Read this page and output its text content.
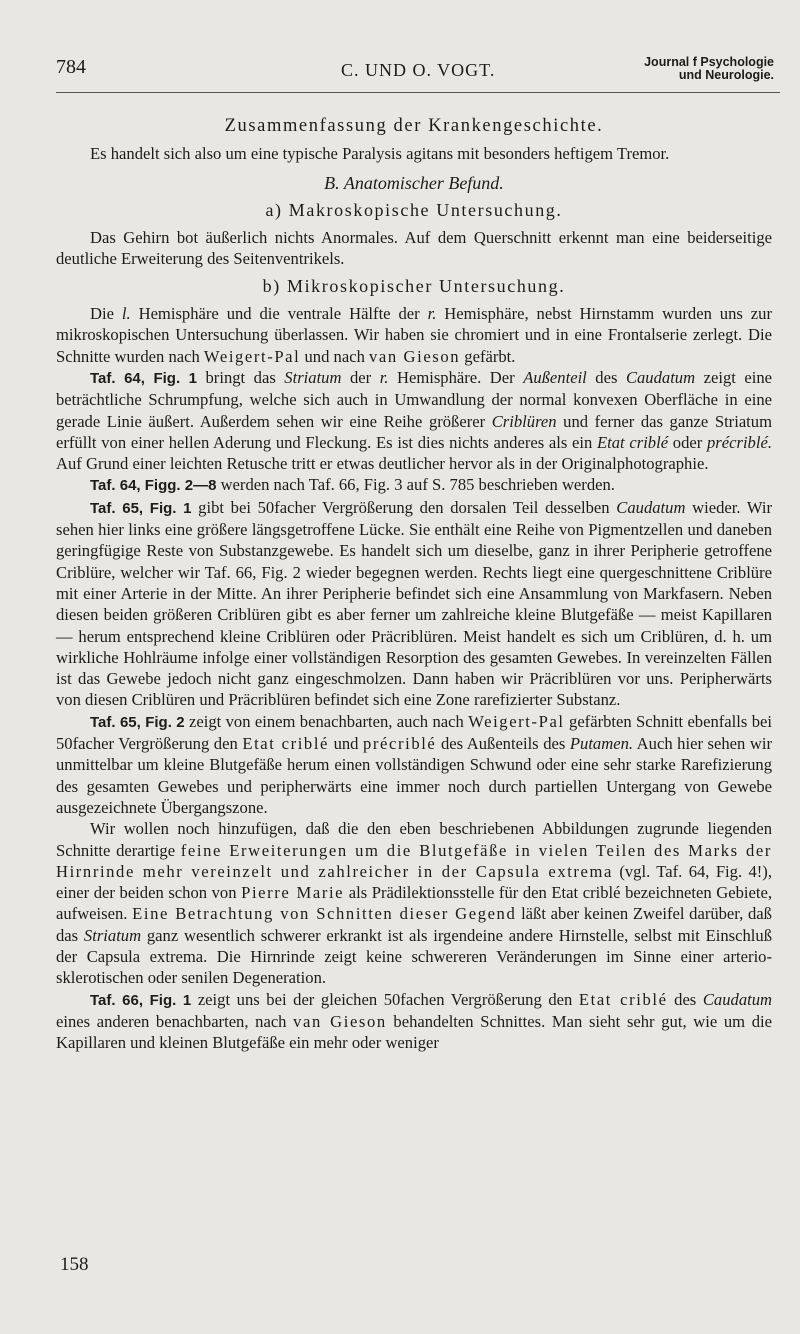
784	C. UND O. VOGT.	Journal f Psychologie
und Neurologie.

Zusammenfassung der Krankengeschichte.

Es handelt sich also um eine typische Paralysis agitans mit besonders heftigem Tremor.

B. Anatomischer Befund.

a) Makroskopische Untersuchung.

Das Gehirn bot äußerlich nichts Anormales. Auf dem Querschnitt erkennt man eine beiderseitige deutliche Erweiterung des Seitenventrikels.

b) Mikroskopischer Untersuchung.

Die l. Hemisphäre und die ventrale Hälfte der r. Hemisphäre, nebst Hirnstamm wurden uns zur mikroskopischen Untersuchung überlassen. Wir haben sie chromiert und in eine Frontalserie zerlegt. Die Schnitte wurden nach Weigert-Pal und nach van Gieson gefärbt.

Taf. 64, Fig. 1 bringt das Striatum der r. Hemisphäre. Der Außenteil des Caudatum zeigt eine beträchtliche Schrumpfung, welche sich auch in Umwandlung der normal konvexen Oberfläche in eine gerade Linie äußert. Außerdem sehen wir eine Reihe größerer Criblüren und ferner das ganze Striatum erfüllt von einer hellen Aderung und Fleckung. Es ist dies nichts anderes als ein Etat criblé oder précriblé. Auf Grund einer leichten Retusche tritt er etwas deutlicher hervor als in der Originalphotographie.

Taf. 64, Figg. 2—8 werden nach Taf. 66, Fig. 3 auf S. 785 beschrieben werden.

Taf. 65, Fig. 1 gibt bei 50facher Vergrößerung den dorsalen Teil desselben Caudatum wieder. Wir sehen hier links eine größere längsgetroffene Lücke. Sie enthält eine Reihe von Pigmentzellen und daneben geringfügige Reste von Substanzgewebe. Es handelt sich um dieselbe, ganz in ihrer Peripherie getroffene Criblüre, welcher wir Taf. 66, Fig. 2 wieder begegnen werden. Rechts liegt eine quergeschnittene Criblüre mit einer Arterie in der Mitte. An ihrer Peripherie befindet sich eine Ansammlung von Markfasern. Neben diesen beiden größeren Criblüren gibt es aber ferner um zahlreiche kleine Blutgefäße — meist Kapillaren — herum entsprechend kleine Criblüren oder Präcriblüren. Meist handelt es sich um Criblüren, d. h. um wirkliche Hohlräume infolge einer vollständigen Resorption des gesamten Gewebes. In vereinzelten Fällen ist das Gewebe jedoch nicht ganz eingeschmolzen. Dann haben wir Präcriblüren vor uns. Peripherwärts von diesen Criblüren und Präcriblüren befindet sich eine Zone rarefizierter Substanz.

Taf. 65, Fig. 2 zeigt von einem benachbarten, auch nach Weigert-Pal gefärbten Schnitt ebenfalls bei 50facher Vergrößerung den Etat criblé und précriblé des Außenteils des Putamen. Auch hier sehen wir unmittelbar um kleine Blutgefäße herum einen vollständigen Schwund oder eine sehr starke Rarefizierung des gesamten Gewebes und peripherwärts eine immer noch durch partiellen Untergang von Gewebe ausgezeichnete Übergangszone.

Wir wollen noch hinzufügen, daß die den eben beschriebenen Abbildungen zugrunde liegenden Schnitte derartige feine Erweiterungen um die Blutgefäße in vielen Teilen des Marks der Hirnrinde mehr vereinzelt und zahlreicher in der Capsula extrema (vgl. Taf. 64, Fig. 4!), einer der beiden schon von Pierre Marie als Prädilektionsstelle für den Etat criblé bezeichneten Gebiete, aufweisen. Eine Betrachtung von Schnitten dieser Gegend läßt aber keinen Zweifel darüber, daß das Striatum ganz wesentlich schwerer erkrankt ist als irgendeine andere Hirnstelle, selbst mit Einschluß der Capsula extrema. Die Hirnrinde zeigt keine schwereren Veränderungen im Sinne einer arterio-sklerotischen oder senilen Degeneration.

Taf. 66, Fig. 1 zeigt uns bei der gleichen 50fachen Vergrößerung den Etat criblé des Caudatum eines anderen benachbarten, nach van Gieson behandelten Schnittes. Man sieht sehr gut, wie um die Kapillaren und kleinen Blutgefäße ein mehr oder weniger

158
